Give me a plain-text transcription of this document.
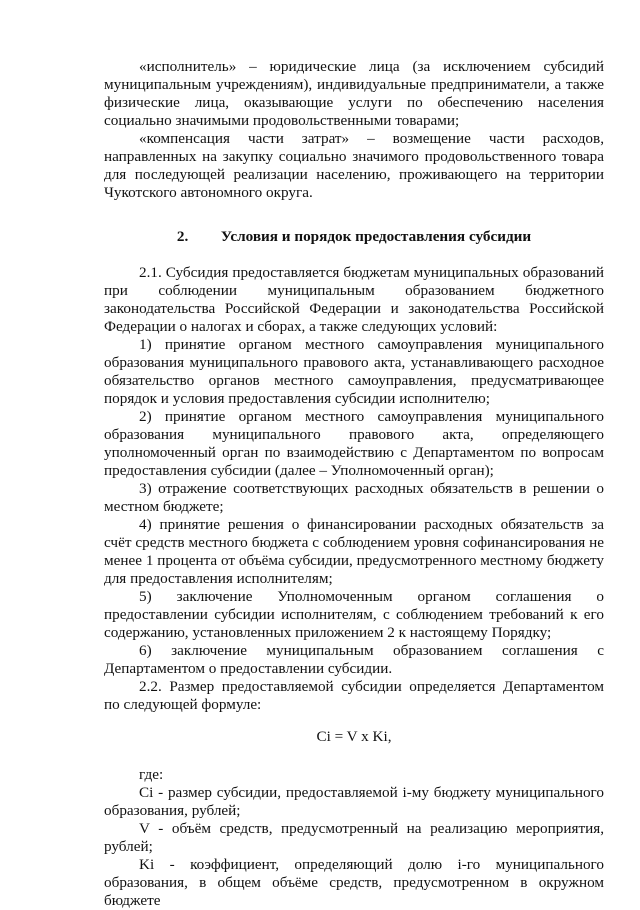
«исполнитель» – юридические лица (за исключением субсидий муниципальным учреждениям), индивидуальные предприниматели, а также физические лица, оказывающие услуги по обеспечению населения социально значимыми продовольственными товарами;

«компенсация части затрат» – возмещение части расходов, направленных на закупку социально значимого продовольственного товара для последующей реализации населению, проживающего на территории Чукотского автономного округа.

2. Условия и порядок предоставления субсидии

2.1. Субсидия предоставляется бюджетам муниципальных образований при соблюдении муниципальным образованием бюджетного законодательства Российской Федерации и законодательства Российской Федерации о налогах и сборах, а также следующих условий:

1) принятие органом местного самоуправления муниципального образования муниципального правового акта, устанавливающего расходное обязательство органов местного самоуправления, предусматривающее порядок и условия предоставления субсидии исполнителю;

2) принятие органом местного самоуправления муниципального образования муниципального правового акта, определяющего уполномоченный орган по взаимодействию с Департаментом по вопросам предоставления субсидии (далее – Уполномоченный орган);

3) отражение соответствующих расходных обязательств в решении о местном бюджете;

4) принятие решения о финансировании расходных обязательств за счёт средств местного бюджета с соблюдением уровня софинансирования не менее 1 процента от объёма субсидии, предусмотренного местному бюджету для предоставления исполнителям;

5) заключение Уполномоченным органом соглашения о предоставлении субсидии исполнителям, с соблюдением требований к его содержанию, установленных приложением 2 к настоящему Порядку;

6) заключение муниципальным образованием соглашения с Департаментом о предоставлении субсидии.

2.2. Размер предоставляемой субсидии определяется Департаментом по следующей формуле:

Ci = V x Ki,

где:

Ci - размер субсидии, предоставляемой i-му бюджету муниципального образования, рублей;

V - объём средств, предусмотренный на реализацию мероприятия, рублей;

Ki - коэффициент, определяющий долю i-го муниципального образования, в общем объёме средств, предусмотренном в окружном бюджете
